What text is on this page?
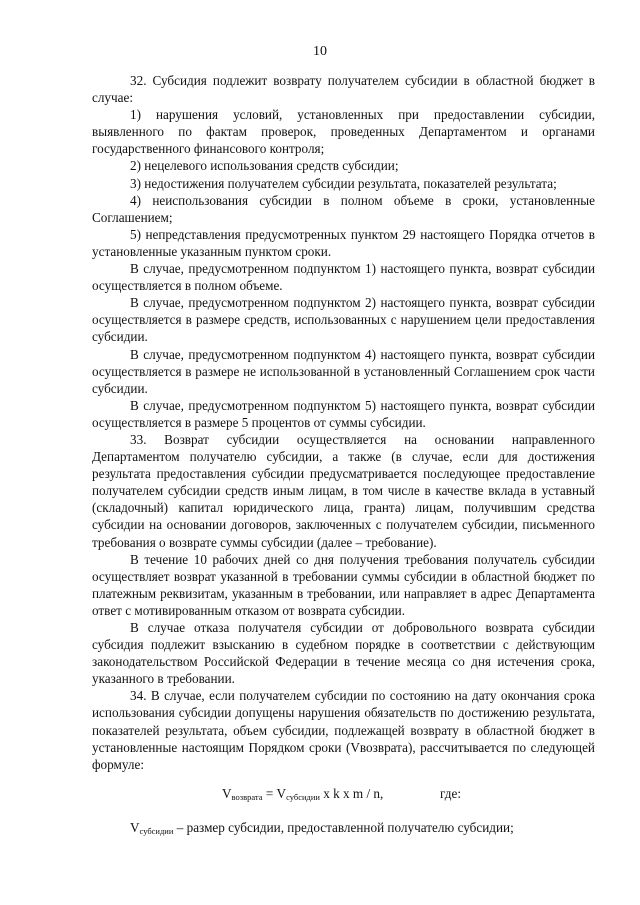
10

32. Субсидия подлежит возврату получателем субсидии в областной бюджет в случае:

1) нарушения условий, установленных при предоставлении субсидии, выявленного по фактам проверок, проведенных Департаментом и органами государственного финансового контроля;

2) нецелевого использования средств субсидии;

3) недостижения получателем субсидии результата, показателей результата;

4) неиспользования субсидии в полном объеме в сроки, установленные Соглашением;

5) непредставления предусмотренных пунктом 29 настоящего Порядка отчетов в установленные указанным пунктом сроки.

В случае, предусмотренном подпунктом 1) настоящего пункта, возврат субсидии осуществляется в полном объеме.

В случае, предусмотренном подпунктом 2) настоящего пункта, возврат субсидии осуществляется в размере средств, использованных с нарушением цели предоставления субсидии.

В случае, предусмотренном подпунктом 4) настоящего пункта, возврат субсидии осуществляется в размере не использованной в установленный Соглашением срок части субсидии.

В случае, предусмотренном подпунктом 5) настоящего пункта, возврат субсидии осуществляется в размере 5 процентов от суммы субсидии.

33. Возврат субсидии осуществляется на основании направленного Департаментом получателю субсидии, а также (в случае, если для достижения результата предоставления субсидии предусматривается последующее предоставление получателем субсидии средств иным лицам, в том числе в качестве вклада в уставный (складочный) капитал юридического лица, гранта) лицам, получившим средства субсидии на основании договоров, заключенных с получателем субсидии, письменного требования о возврате суммы субсидии (далее – требование).

В течение 10 рабочих дней со дня получения требования получатель субсидии осуществляет возврат указанной в требовании суммы субсидии в областной бюджет по платежным реквизитам, указанным в требовании, или направляет в адрес Департамента ответ с мотивированным отказом от возврата субсидии.

В случае отказа получателя субсидии от добровольного возврата субсидии субсидия подлежит взысканию в судебном порядке в соответствии с действующим законодательством Российской Федерации в течение месяца со дня истечения срока, указанного в требовании.

34. В случае, если получателем субсидии по состоянию на дату окончания срока использования субсидии допущены нарушения обязательств по достижению результата, показателей результата, объем субсидии, подлежащей возврату в областной бюджет в установленные настоящим Порядком сроки (Vвозврата), рассчитывается по следующей формуле:

$V_{возврата} = V_{субсидии}$ x k x m / n,	где:
$V_{субсидии}$ – размер субсидии, предоставленной получателю субсидии;
